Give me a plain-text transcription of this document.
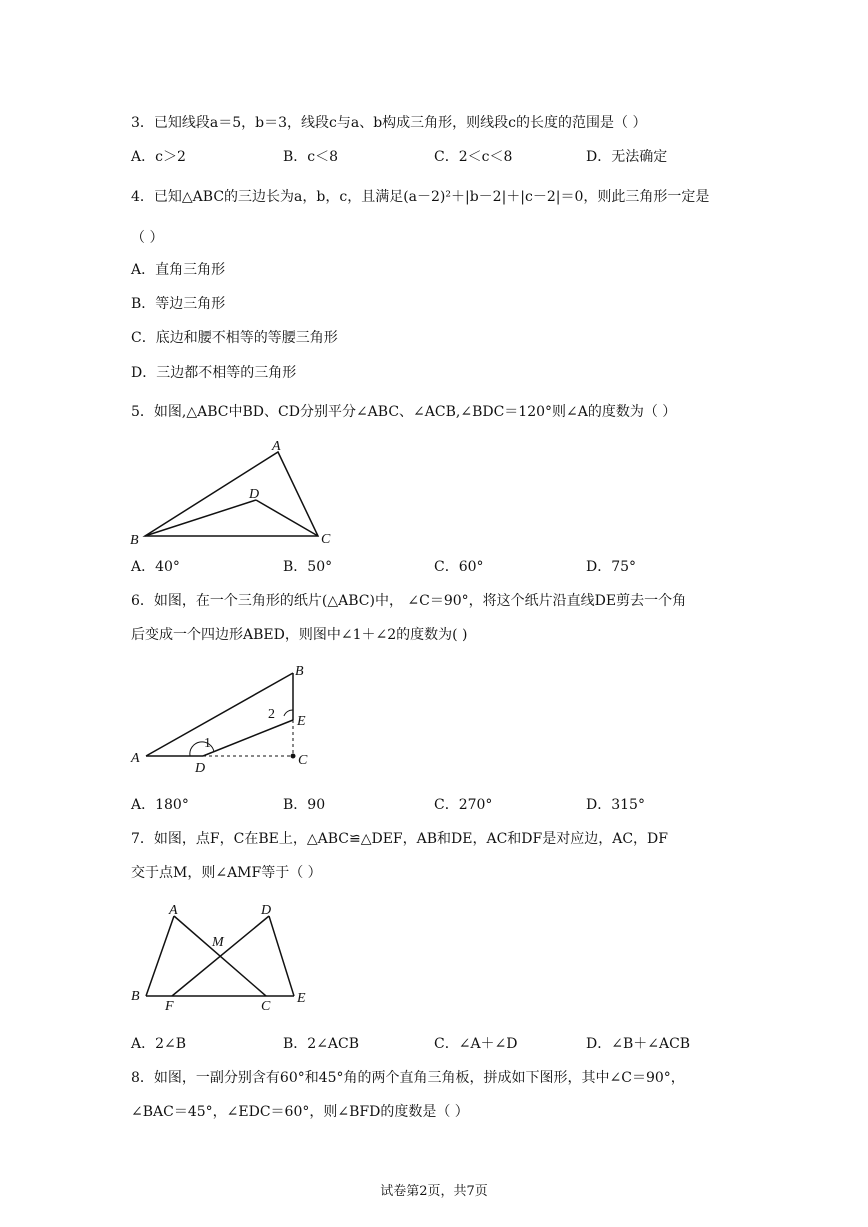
3．已知线段a＝5，b＝3，线段c与a、b构成三角形，则线段c的长度的范围是（ ）
A．c＞2	B．c＜8	C．2＜c＜8	D．无法确定
4．已知△ABC的三边长为a，b，c，且满足(a－2)²＋|b－2|＋|c－2|＝0，则此三角形一定是
（ ）
A．直角三角形
B．等边三角形
C．底边和腰不相等的等腰三角形
D．三边都不相等的三角形
5．如图,△ABC中BD、CD分别平分∠ABC、∠ACB,∠BDC＝120°则∠A的度数为（ ）
A
B	C
D
A．40°	B．50°	C．60°	D．75°
6．如图，在一个三角形的纸片(△ABC)中， ∠C＝90°，将这个纸片沿直线DE剪去一个角
后变成一个四边形ABED，则图中∠1＋∠2的度数为( )
A
B
C
D
E
1
2
A．180°	B．90	C．270°	D．315°
7．如图，点F，C在BE上，△ABC≌△DEF，AB和DE，AC和DF是对应边，AC，DF
交于点M，则∠AMF等于（ ）
A
B
C
D
E
F
M
A．2∠B	B．2∠ACB	C．∠A＋∠D	D．∠B＋∠ACB
8．如图，一副分别含有60°和45°角的两个直角三角板，拼成如下图形，其中∠C＝90°，
∠BAC＝45°，∠EDC＝60°，则∠BFD的度数是（ ）
试卷第2页，共7页
